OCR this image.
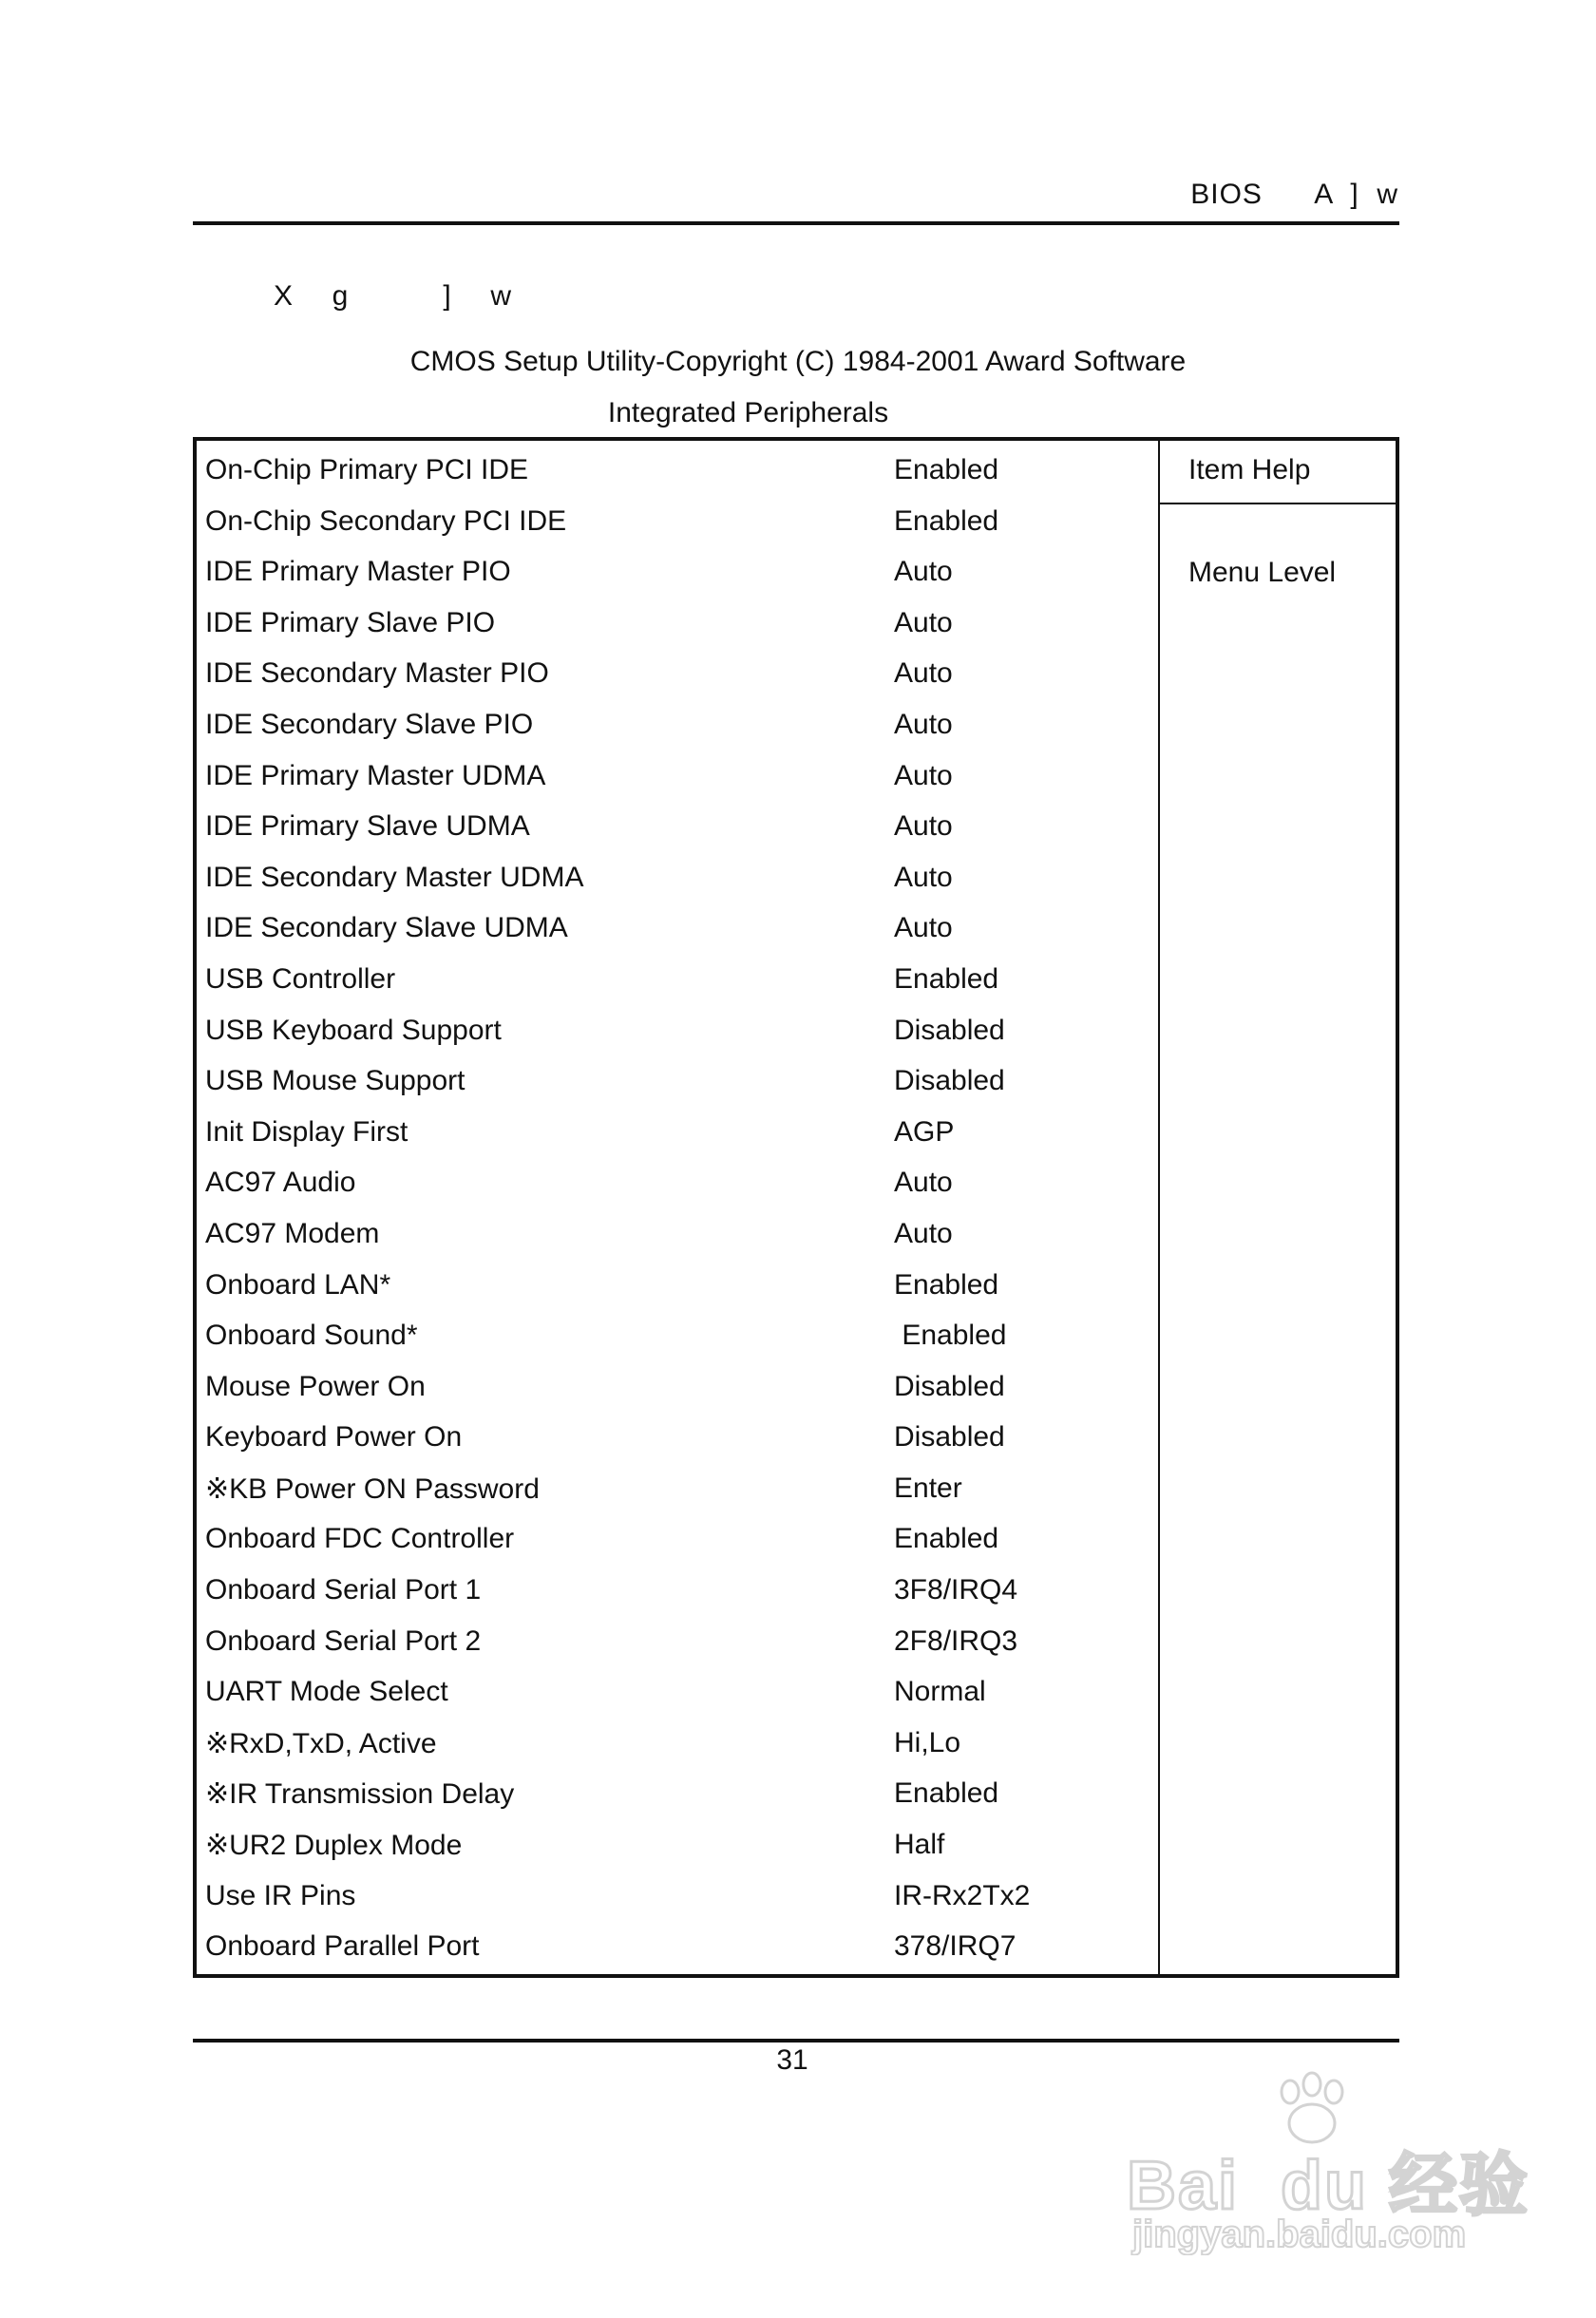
BIOS      A  ]  w
X     g            ]     w
CMOS Setup Utility-Copyright (C) 1984-2001 Award Software
Integrated Peripherals
On-Chip Primary PCI IDE	Enabled
On-Chip Secondary PCI IDE	Enabled
IDE Primary Master PIO	Auto
IDE Primary Slave PIO	Auto
IDE Secondary Master PIO	Auto
IDE Secondary Slave PIO	Auto
IDE Primary Master UDMA	Auto
IDE Primary Slave UDMA	Auto
IDE Secondary Master UDMA	Auto
IDE Secondary Slave UDMA	Auto
USB Controller	Enabled
USB Keyboard Support	Disabled
USB Mouse Support	Disabled
Init Display First	AGP
AC97 Audio	Auto
AC97 Modem	Auto
Onboard LAN*	Enabled
Onboard Sound*	Enabled
Mouse Power On	Disabled
Keyboard Power On	Disabled
※KB Power ON Password	Enter
Onboard FDC Controller	Enabled
Onboard Serial Port 1	3F8/IRQ4
Onboard Serial Port 2	2F8/IRQ3
UART Mode Select	Normal
※RxD,TxD, Active	Hi,Lo
※IR Transmission Delay	Enabled
※UR2 Duplex Mode	Half
Use IR Pins	IR-Rx2Tx2
Onboard Parallel Port	378/IRQ7
Item Help
Menu Level
31
Bai  du 经验
jingyan.baidu.com
